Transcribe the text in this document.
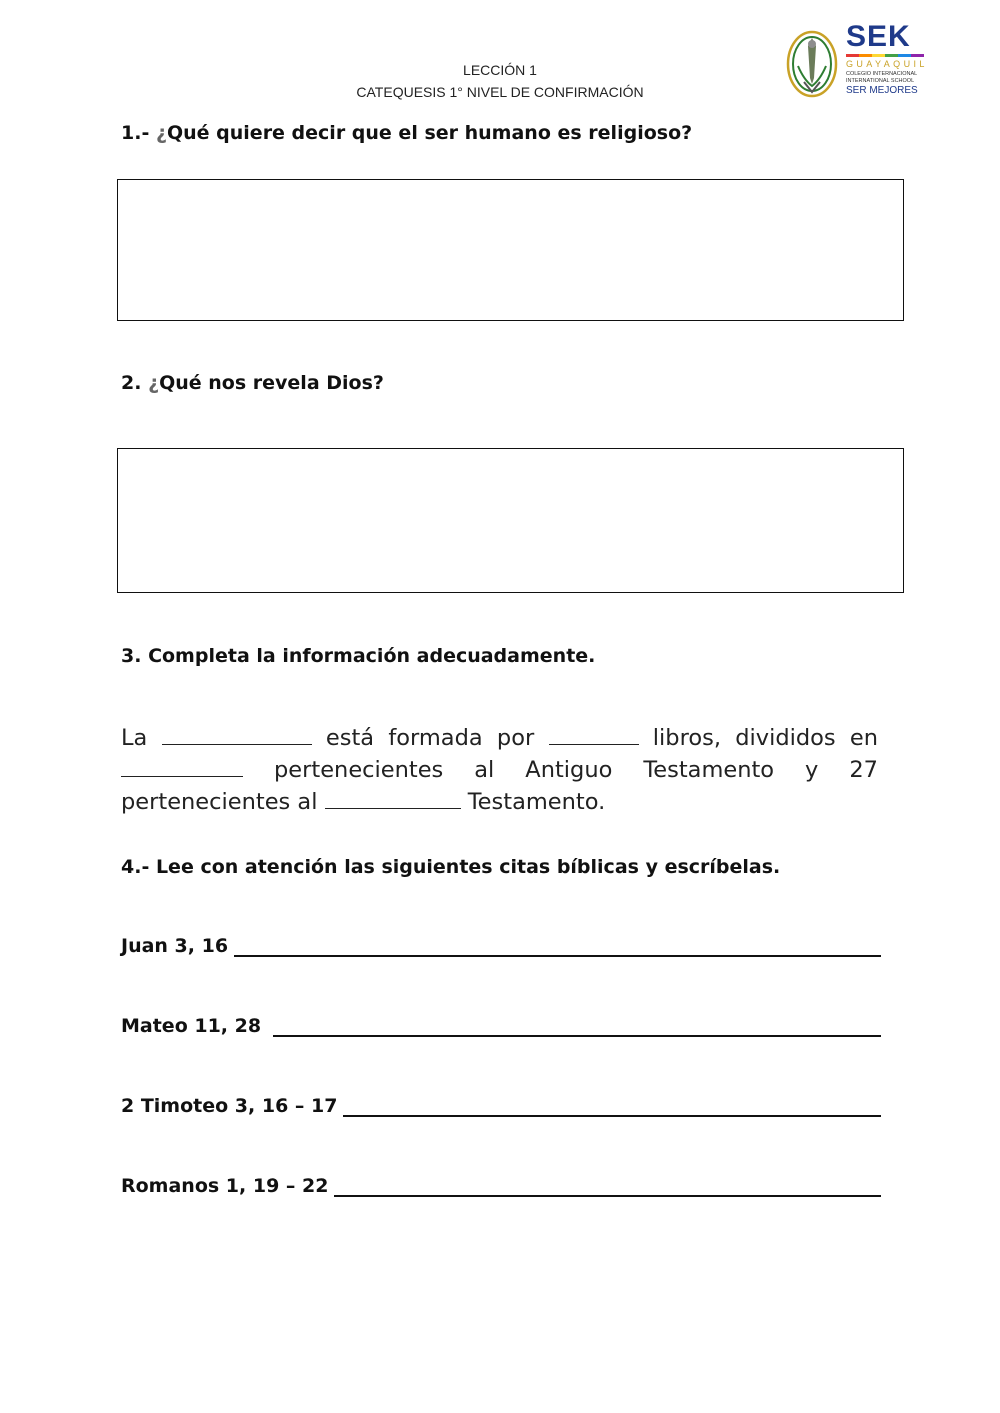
LECCIÓN 1
CATEQUESIS 1° NIVEL DE CONFIRMACIÓN
SEK
GUAYAQUIL
COLEGIO INTERNACIONAL
INTERNATIONAL SCHOOL
SER MEJORES
1.- ¿Qué quiere decir que el ser humano es religioso?
2. ¿Qué nos revela Dios?
3. Completa la información adecuadamente.
La	está formada por	libros, divididos en  pertenecientes al Antiguo Testamento y 27 pertenecientes al	Testamento.
4.- Lee con atención las siguientes citas bíblicas y escríbelas.
Juan 3, 16
Mateo 11, 28
2 Timoteo 3, 16 – 17
Romanos 1, 19 – 22
